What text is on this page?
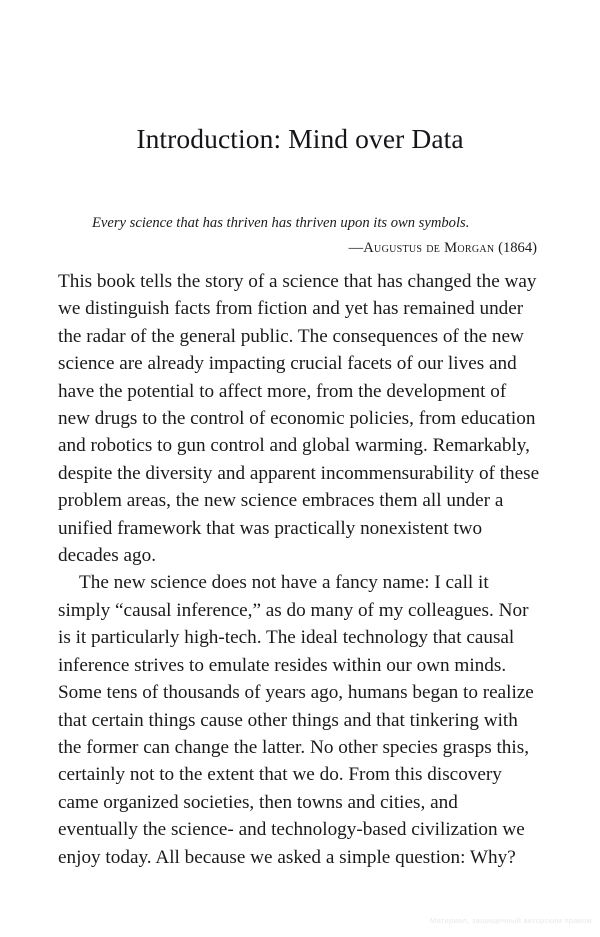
Introduction: Mind over Data

Every science that has thriven has thriven upon its own symbols.

—Augustus de Morgan (1864)

This book tells the story of a science that has changed the way we distinguish facts from fiction and yet has remained under the radar of the general public. The consequences of the new science are already impacting crucial facets of our lives and have the potential to affect more, from the development of new drugs to the control of economic policies, from education and robotics to gun control and global warming. Remarkably, despite the diversity and apparent incommensurability of these problem areas, the new science embraces them all under a unified framework that was practically nonexistent two decades ago.

The new science does not have a fancy name: I call it simply “causal inference,” as do many of my colleagues. Nor is it particularly high-tech. The ideal technology that causal inference strives to emulate resides within our own minds. Some tens of thousands of years ago, humans began to realize that certain things cause other things and that tinkering with the former can change the latter. No other species grasps this, certainly not to the extent that we do. From this discovery came organized societies, then towns and cities, and eventually the science- and technology-based civilization we enjoy today. All because we asked a simple question: Why?

Материал, защищенный авторским правом
